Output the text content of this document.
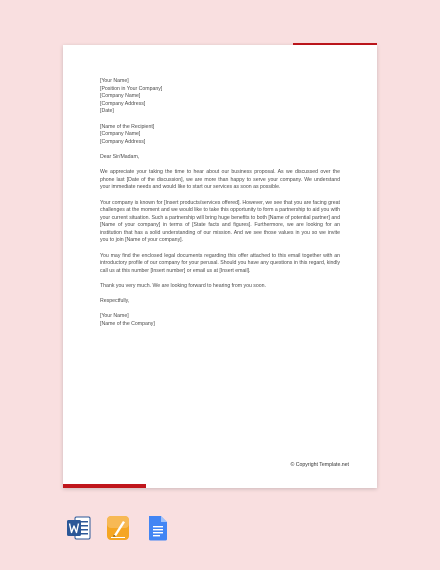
[Your Name]
[Position in Your Company]
[Company Name]
[Company Address]
[Date]
[Name of the Recipient]
[Company Name]
[Company Address]

Dear Sir/Madam,

We appreciate your taking the time to hear about our business proposal. As we discussed over the phone last [Date of the discussion], we are more than happy to serve your company. We understand your immediate needs and would like to start our services as soon as possible.

Your company is known for [Insert products/services offered]. However, we see that you are facing great challenges at the moment and we would like to take this opportunity to form a partnership to aid you with your current situation. Such a partnership will bring huge benefits to both [Name of potential partner] and [Name of your company] in terms of [State facts and figures]. Furthermore, we are looking for an institution that has a solid understanding of our mission. And we see those values in you so we invite you to join [Name of your company].

You may find the enclosed legal documents regarding this offer attached to this email together with an introductory profile of our company for your perusal. Should you have any questions in this regard, kindly call us at this number [Insert number] or email us at [Insert email].

Thank you very much. We are looking forward to hearing from you soon.

Respectfully,

[Your Name]
[Name of the Company]
© Copyright Template.net
